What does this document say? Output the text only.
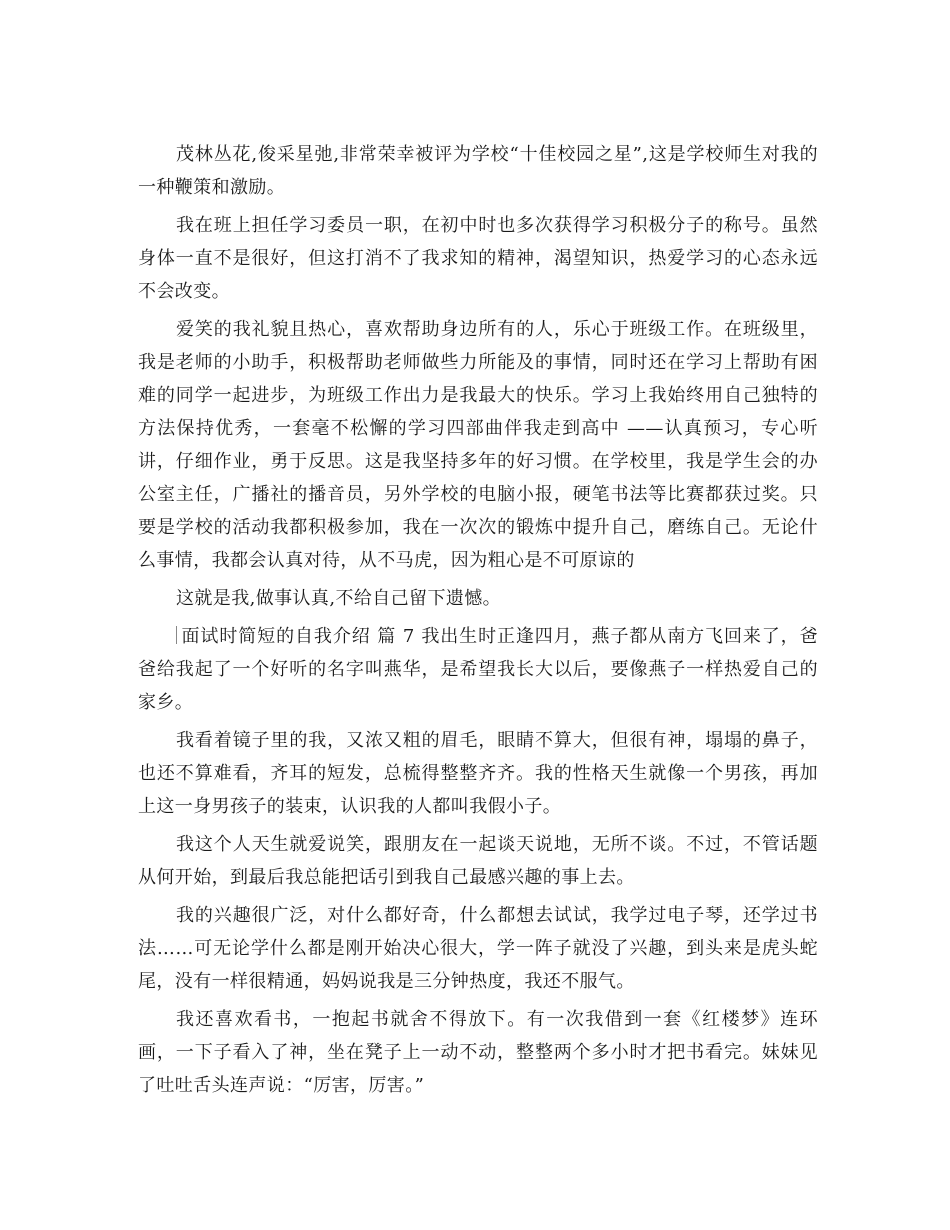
茂林丛花,俊采星弛,非常荣幸被评为学校“十佳校园之星”,这是学校师生对我的一种鞭策和激励。

我在班上担任学习委员一职，在初中时也多次获得学习积极分子的称号。虽然身体一直不是很好，但这打消不了我求知的精神，渴望知识，热爱学习的心态永远不会改变。

爱笑的我礼貌且热心，喜欢帮助身边所有的人，乐心于班级工作。在班级里，我是老师的小助手，积极帮助老师做些力所能及的事情，同时还在学习上帮助有困难的同学一起进步，为班级工作出力是我最大的快乐。学习上我始终用自己独特的方法保持优秀，一套毫不松懈的学习四部曲伴我走到高中 ——认真预习，专心听讲，仔细作业，勇于反思。这是我坚持多年的好习惯。在学校里，我是学生会的办公室主任，广播社的播音员，另外学校的电脑小报，硬笔书法等比赛都获过奖。只要是学校的活动我都积极参加，我在一次次的锻炼中提升自己，磨练自己。无论什么事情，我都会认真对待，从不马虎，因为粗心是不可原谅的

这就是我,做事认真,不给自己留下遗憾。

面试时简短的自我介绍 篇 7 我出生时正逢四月，燕子都从南方飞回来了，爸爸给我起了一个好听的名字叫燕华，是希望我长大以后，要像燕子一样热爱自己的家乡。

我看着镜子里的我，又浓又粗的眉毛，眼睛不算大，但很有神，塌塌的鼻子，也还不算难看，齐耳的短发，总梳得整整齐齐。我的性格天生就像一个男孩，再加上这一身男孩子的装束，认识我的人都叫我假小子。

我这个人天生就爱说笑，跟朋友在一起谈天说地，无所不谈。不过，不管话题从何开始，到最后我总能把话引到我自己最感兴趣的事上去。

我的兴趣很广泛，对什么都好奇，什么都想去试试，我学过电子琴，还学过书法……可无论学什么都是刚开始决心很大，学一阵子就没了兴趣，到头来是虎头蛇尾，没有一样很精通，妈妈说我是三分钟热度，我还不服气。

我还喜欢看书，一抱起书就舍不得放下。有一次我借到一套《红楼梦》连环画，一下子看入了神，坐在凳子上一动不动，整整两个多小时才把书看完。妹妹见了吐吐舌头连声说：“厉害，厉害。”
